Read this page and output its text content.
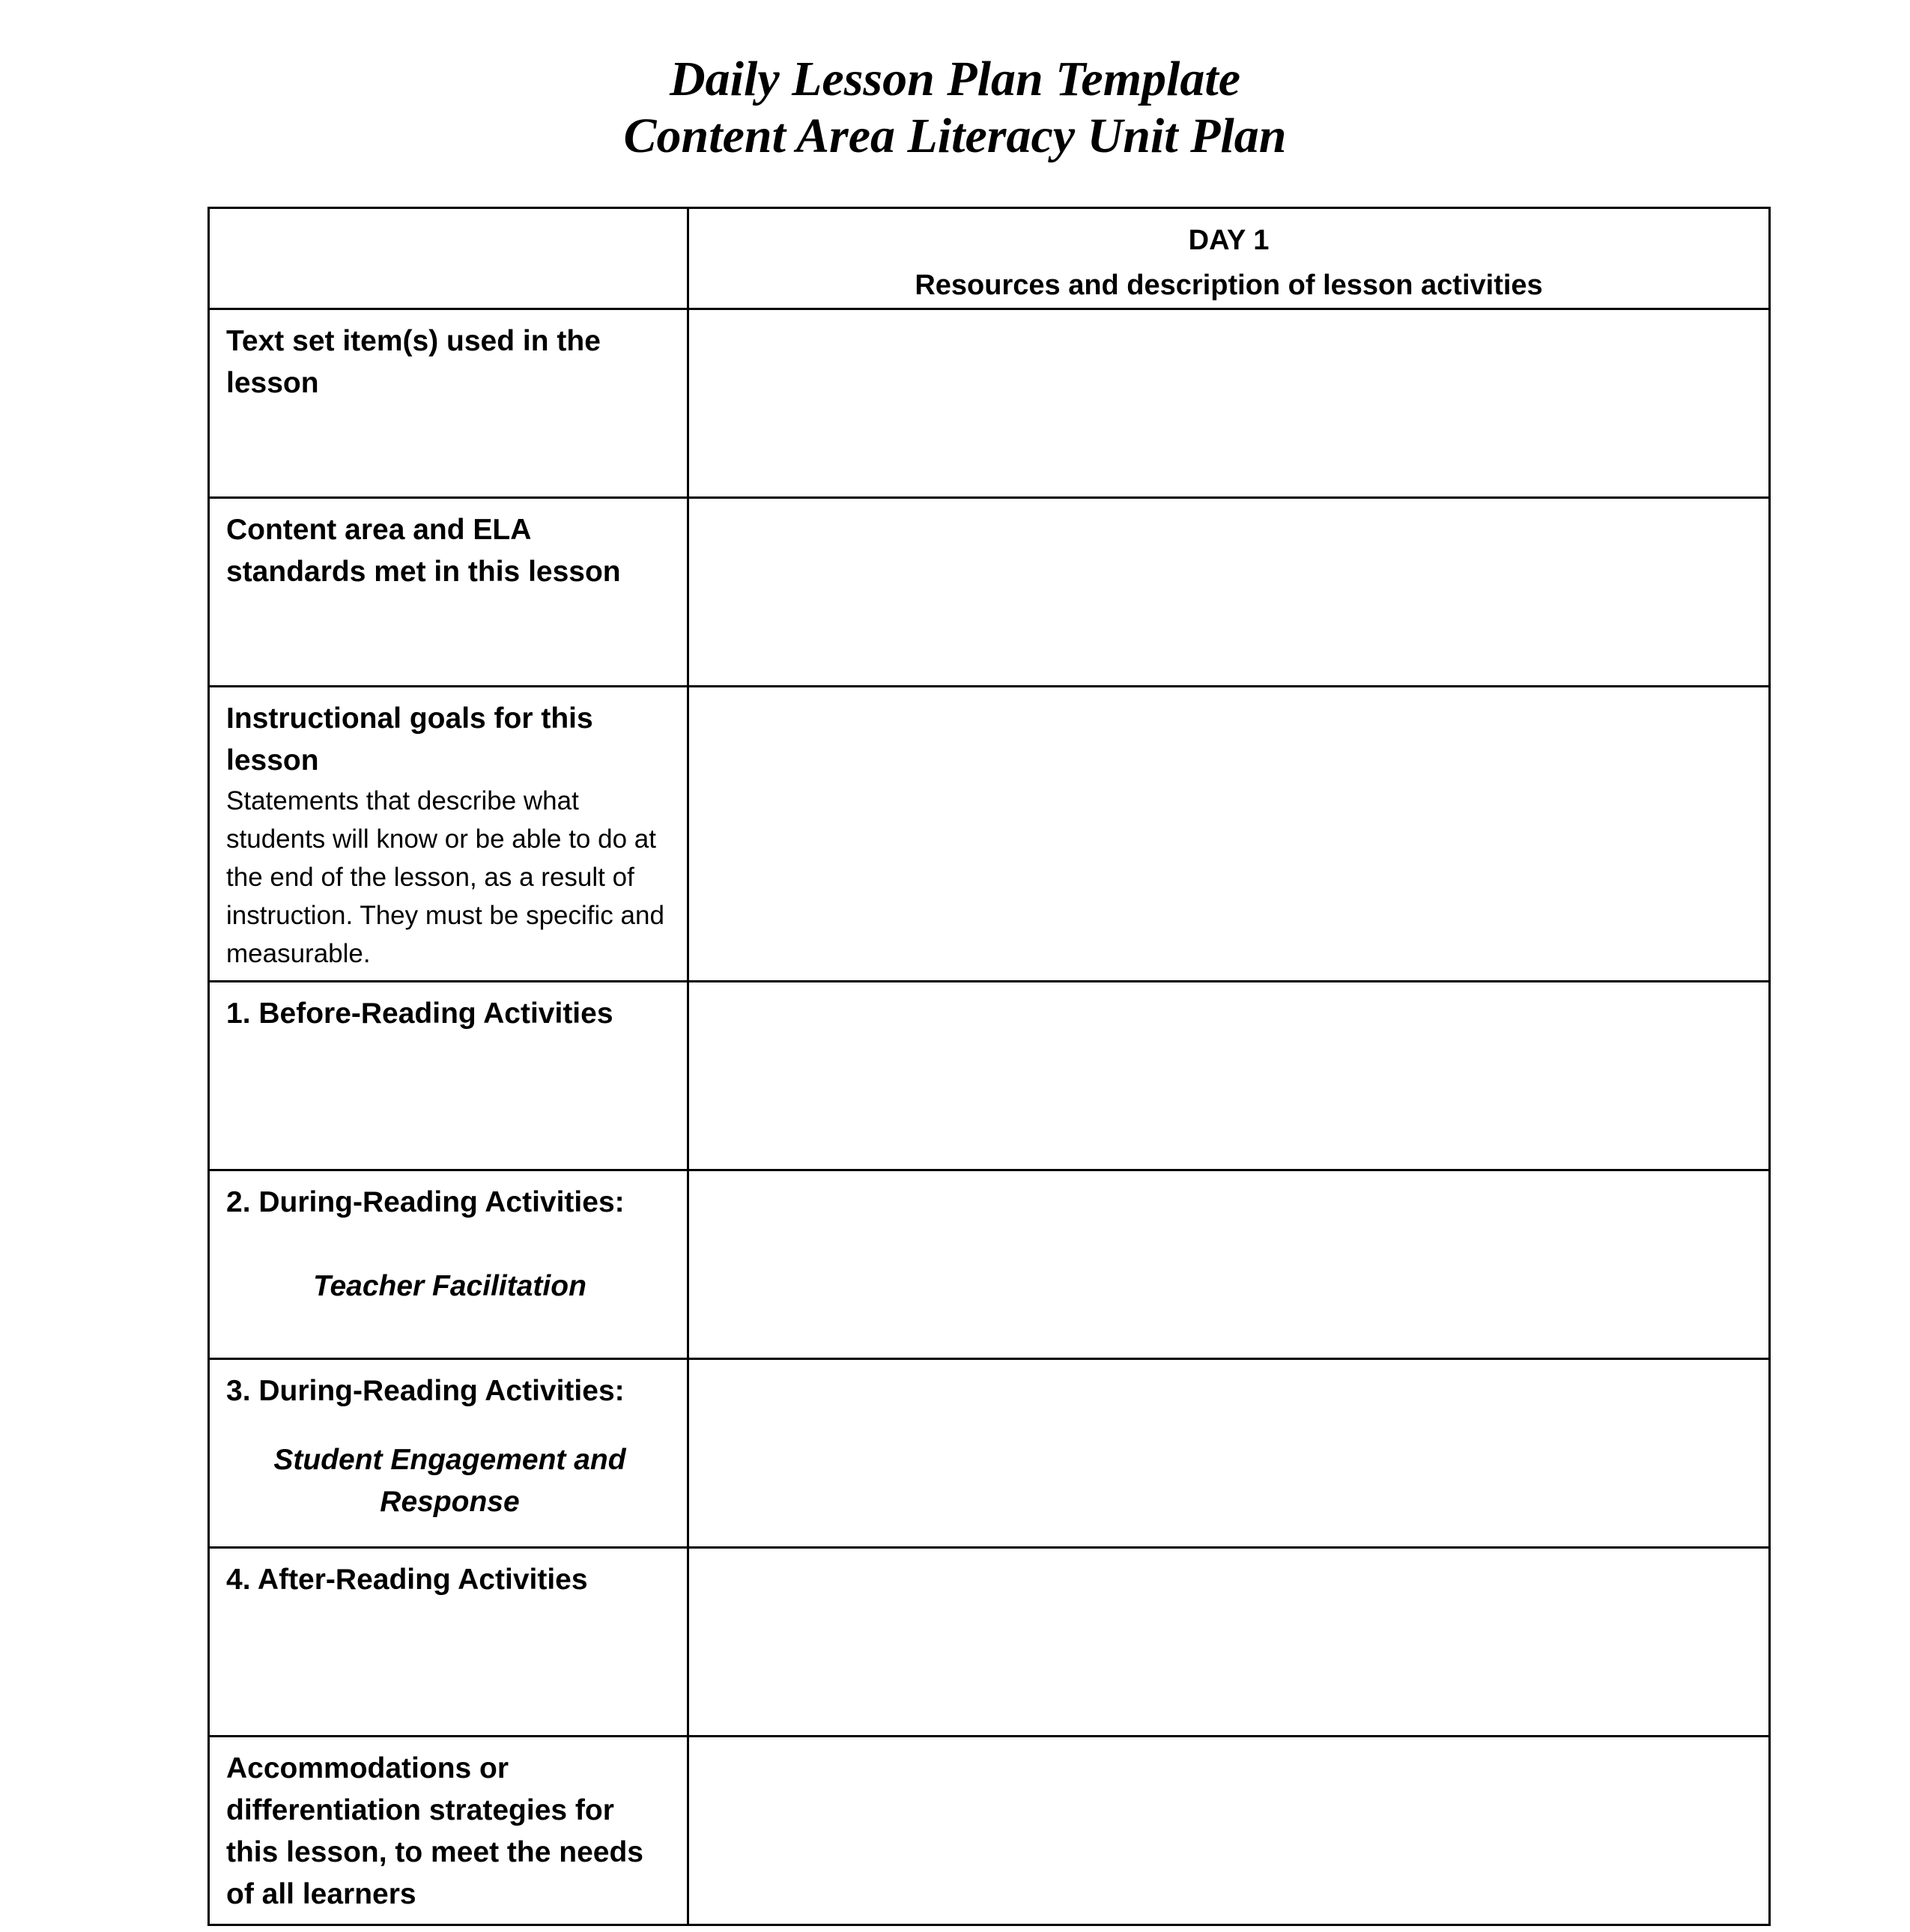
Daily Lesson Plan Template
Content Area Literacy Unit Plan

	DAY 1
Resources and description of lesson activities

Text set item(s) used in the lesson	

Content area and ELA standards met in this lesson	

Instructional goals for this lesson
Statements that describe what students will know or be able to do at the end of the lesson, as a result of instruction. They must be specific and measurable.	

1. Before-Reading Activities	

2. During-Reading Activities:
Teacher Facilitation	

3. During-Reading Activities:
Student Engagement and Response	

4. After-Reading Activities	

Accommodations or differentiation strategies for this lesson, to meet the needs of all learners	
